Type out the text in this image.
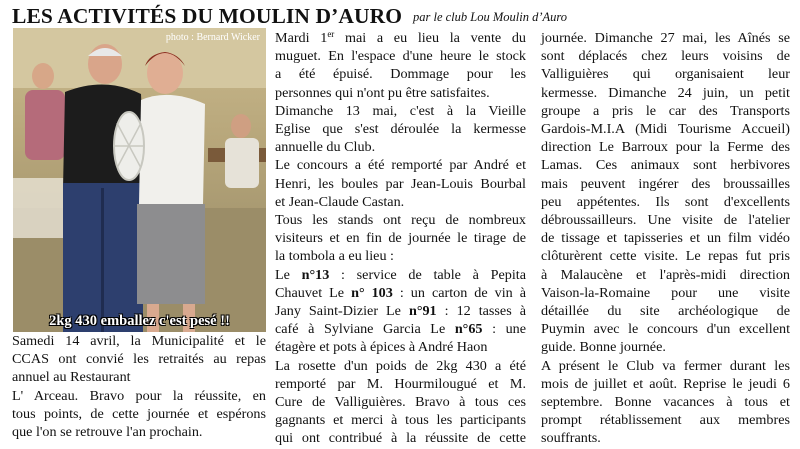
LES ACTIVITÉS DU MOULIN D’AURO par le club Lou Moulin d’Auro
photo : Bernard Wicker
2kg 430 emballez c'est pesé !!

Samedi 14 avril, la Municipalité et le

CCAS ont convié les retraités au repas

annuel au Restaurant

L' Arceau. Bravo pour la réussite, en

tous points, de cette journée et espérons

que l'on se retrouve l'an prochain.

Mardi 1er mai a eu lieu la vente du

muguet. En l'espace d'une heure le stock

a été épuisé. Dommage pour les

personnes qui n'ont pu être satisfaites.

Dimanche 13 mai, c'est à la Vieille

Eglise que s'est déroulée la kermesse

annuelle du Club.

Le concours a été remporté par André et

Henri, les boules par Jean-Louis Bourbal

et Jean-Claude Castan.

Tous les stands ont reçu de nombreux

visiteurs et en fin de journée le tirage de

la tombola a eu lieu :

Le n°13 : service de table à Pepita

Chauvet Le n° 103 : un carton de vin à

Jany Saint-Dizier Le n°91 : 12 tasses à

café à Sylviane Garcia Le n°65 : une

étagère et pots à épices à André Haon

La rosette d'un poids de 2kg 430 a été

remporté par M. Hourmilougué et M.

Cure de Valliguières. Bravo à tous ces

gagnants et merci à tous les participants

qui ont contribué à la réussite de cette

journée. Dimanche 27 mai, les Aînés se

sont déplacés chez leurs voisins de

Valliguières qui organisaient leur

kermesse. Dimanche 24 juin, un petit

groupe a pris le car des Transports

Gardois-M.I.A (Midi Tourisme Accueil)

direction Le Barroux pour la Ferme des

Lamas. Ces animaux sont herbivores

mais peuvent ingérer des broussailles

peu appétentes. Ils sont d'excellents

débroussailleurs. Une visite de l'atelier

de tissage et tapisseries et un film vidéo

clôturèrent cette visite. Le repas fut pris

à Malaucène et l'après-midi direction

Vaison-la-Romaine pour une visite

détaillée du site archéologique de

Puymin avec le concours d'un excellent

guide. Bonne journée.

A présent le Club va fermer durant les

mois de juillet et août. Reprise le jeudi 6

septembre. Bonne vacances à tous et

prompt rétablissement aux membres

souffrants.
